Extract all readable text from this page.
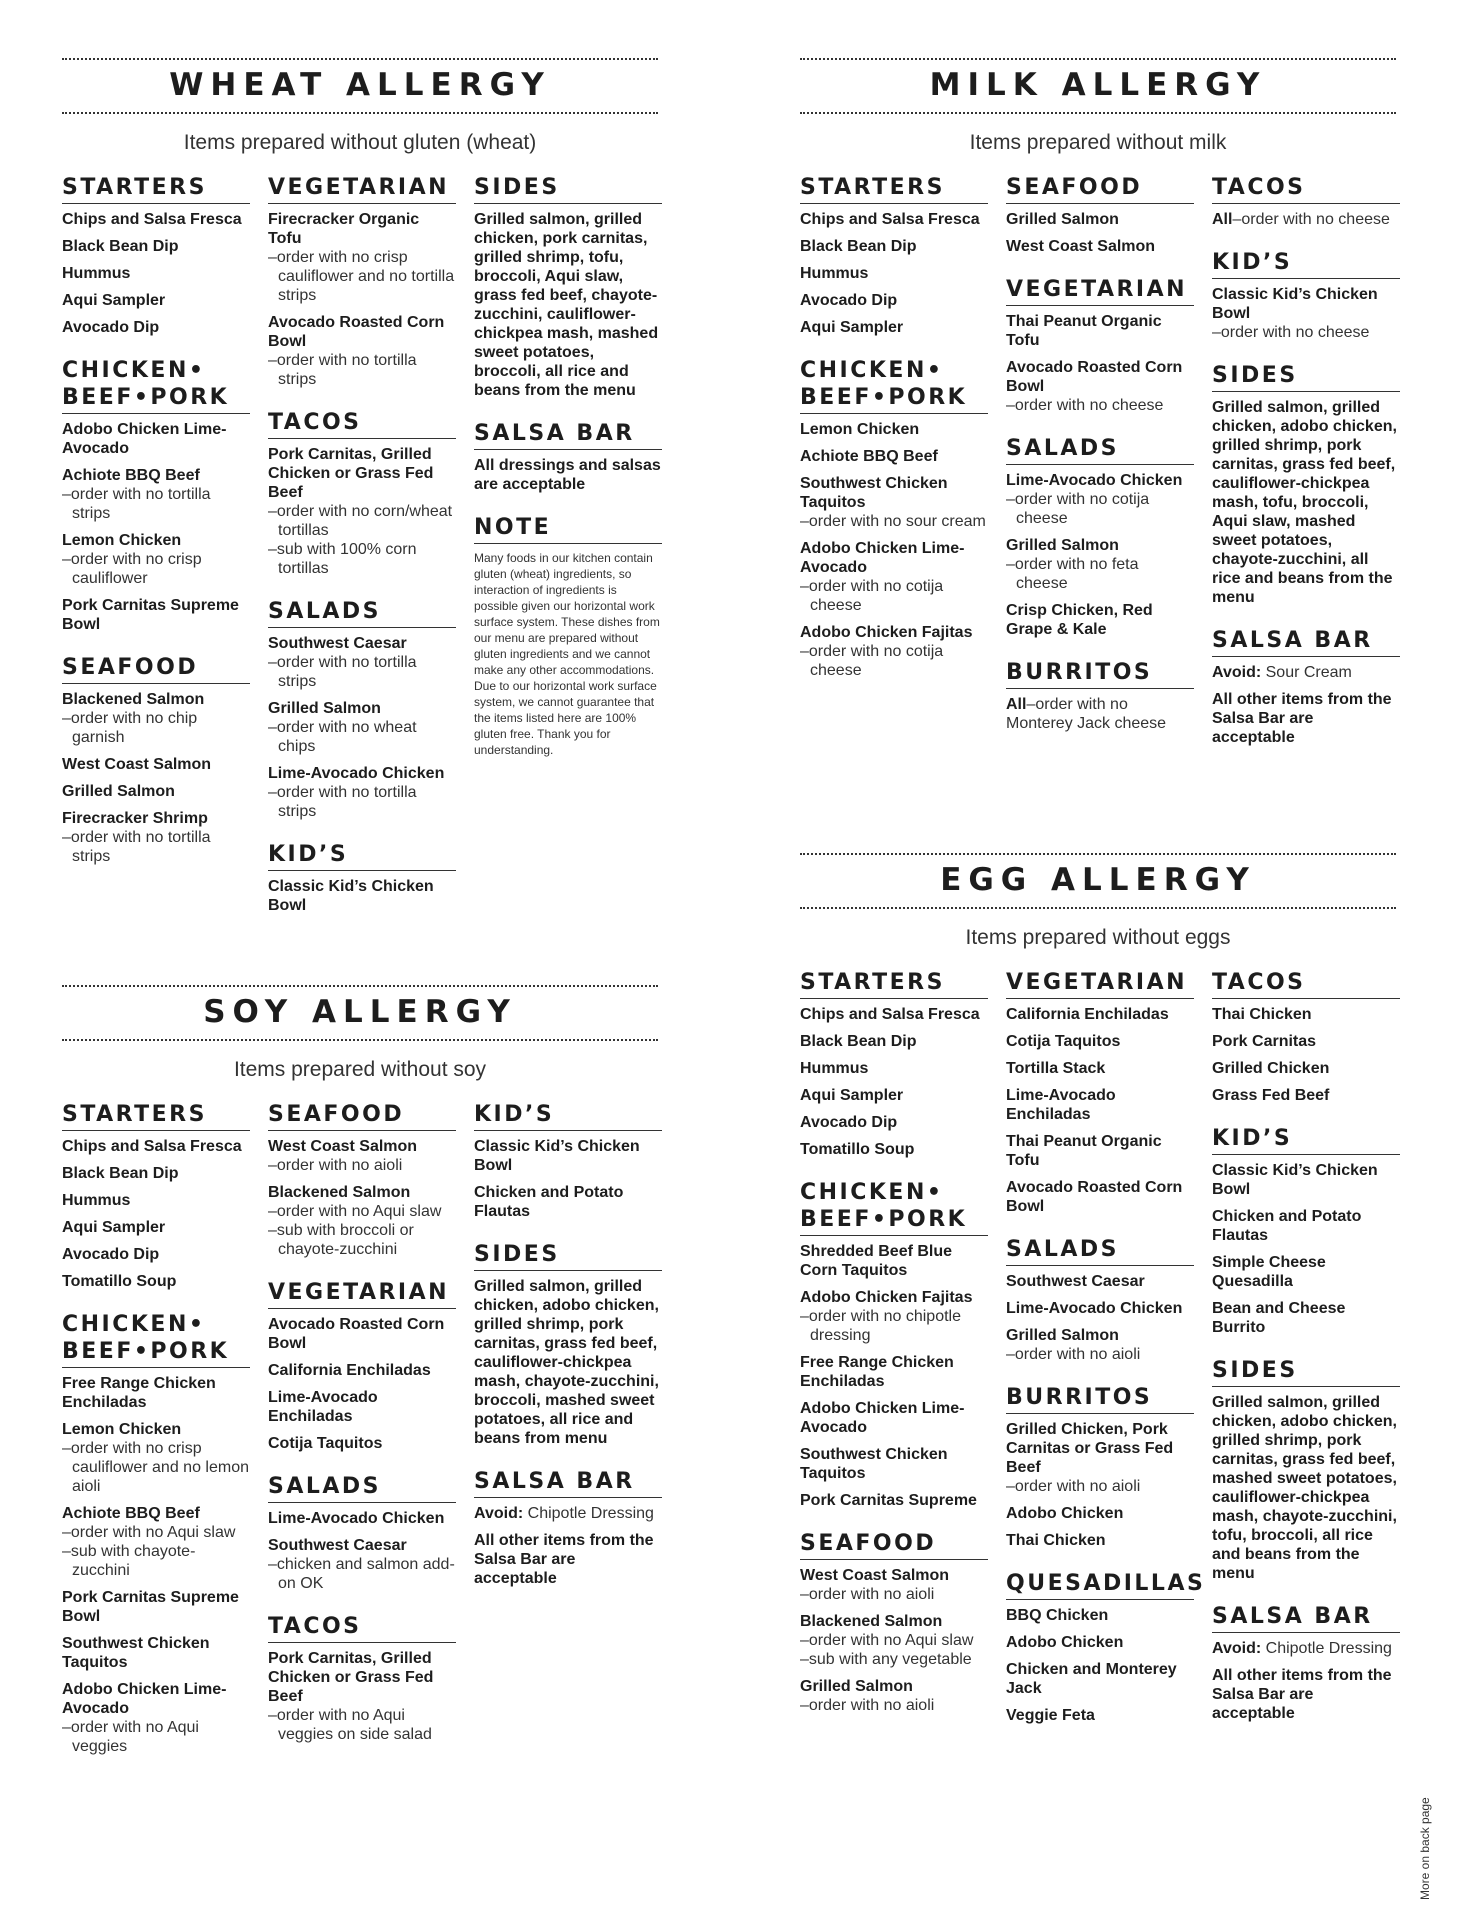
WHEAT ALLERGY
Items prepared without gluten (wheat)
STARTERS
Chips and Salsa Fresca
Black Bean Dip
Hummus
Aqui Sampler
Avocado Dip
CHICKEN• BEEF•PORK
Adobo Chicken Lime-Avocado
Achiote BBQ Beef
–order with no tortilla strips
Lemon Chicken
–order with no crisp cauliflower
Pork Carnitas Supreme Bowl
SEAFOOD
Blackened Salmon
–order with no chip garnish
West Coast Salmon
Grilled Salmon
Firecracker Shrimp
–order with no tortilla strips
VEGETARIAN
Firecracker Organic Tofu
–order with no crisp cauliflower and no tortilla strips
Avocado Roasted Corn Bowl
–order with no tortilla strips
TACOS
Pork Carnitas, Grilled Chicken or Grass Fed Beef
–order with no corn/wheat tortillas
–sub with 100% corn tortillas
SALADS
Southwest Caesar
–order with no tortilla strips
Grilled Salmon
–order with no wheat chips
Lime-Avocado Chicken
–order with no tortilla strips
KID’S
Classic Kid’s Chicken Bowl
SIDES
Grilled salmon, grilled chicken, pork carnitas, grilled shrimp, tofu, broccoli, Aqui slaw, grass fed beef, chayote-zucchini, cauliflower-chickpea mash, mashed sweet potatoes, broccoli, all rice and beans from the menu
SALSA BAR
All dressings and salsas are acceptable
NOTE
Many foods in our kitchen contain gluten (wheat) ingredients, so interaction of ingredients is possible given our horizontal work surface system. These dishes from our menu are prepared without gluten ingredients and we cannot make any other accommodations. Due to our horizontal work surface system, we cannot guarantee that the items listed here are 100% gluten free. Thank you for understanding.
MILK ALLERGY
Items prepared without milk
STARTERS
Chips and Salsa Fresca
Black Bean Dip
Hummus
Avocado Dip
Aqui Sampler
CHICKEN• BEEF•PORK
Lemon Chicken
Achiote BBQ Beef
Southwest Chicken Taquitos
–order with no sour cream
Adobo Chicken Lime-Avocado
–order with no cotija cheese
Adobo Chicken Fajitas
–order with no cotija cheese
SEAFOOD
Grilled Salmon
West Coast Salmon
VEGETARIAN
Thai Peanut Organic Tofu
Avocado Roasted Corn Bowl
–order with no cheese
SALADS
Lime-Avocado Chicken
–order with no cotija cheese
Grilled Salmon
–order with no feta cheese
Crisp Chicken, Red Grape & Kale
BURRITOS
All–order with no Monterey Jack cheese
TACOS
All–order with no cheese
KID’S
Classic Kid’s Chicken Bowl
–order with no cheese
SIDES
Grilled salmon, grilled chicken, adobo chicken, grilled shrimp, pork carnitas, grass fed beef, cauliflower-chickpea mash, tofu, broccoli, Aqui slaw, mashed sweet potatoes, chayote-zucchini, all rice and beans from the menu
SALSA BAR
Avoid: Sour Cream
All other items from the Salsa Bar are acceptable
SOY ALLERGY
Items prepared without soy
STARTERS
Chips and Salsa Fresca
Black Bean Dip
Hummus
Aqui Sampler
Avocado Dip
Tomatillo Soup
CHICKEN• BEEF•PORK
Free Range Chicken Enchiladas
Lemon Chicken
–order with no crisp cauliflower and no lemon aioli
Achiote BBQ Beef
–order with no Aqui slaw
–sub with chayote-zucchini
Pork Carnitas Supreme Bowl
Southwest Chicken Taquitos
Adobo Chicken Lime-Avocado
–order with no Aqui veggies
SEAFOOD
West Coast Salmon
–order with no aioli
Blackened Salmon
–order with no Aqui slaw
–sub with broccoli or chayote-zucchini
VEGETARIAN
Avocado Roasted Corn Bowl
California Enchiladas
Lime-Avocado Enchiladas
Cotija Taquitos
SALADS
Lime-Avocado Chicken
Southwest Caesar
–chicken and salmon add-on OK
TACOS
Pork Carnitas, Grilled Chicken or Grass Fed Beef
–order with no Aqui veggies on side salad
KID’S
Classic Kid’s Chicken Bowl
Chicken and Potato Flautas
SIDES
Grilled salmon, grilled chicken, adobo chicken, grilled shrimp, pork carnitas, grass fed beef, cauliflower-chickpea mash, chayote-zucchini, broccoli, mashed sweet potatoes, all rice and beans from menu
SALSA BAR
Avoid: Chipotle Dressing
All other items from the Salsa Bar are acceptable
EGG ALLERGY
Items prepared without eggs
STARTERS
Chips and Salsa Fresca
Black Bean Dip
Hummus
Aqui Sampler
Avocado Dip
Tomatillo Soup
CHICKEN• BEEF•PORK
Shredded Beef Blue Corn Taquitos
Adobo Chicken Fajitas
–order with no chipotle dressing
Free Range Chicken Enchiladas
Adobo Chicken Lime-Avocado
Southwest Chicken Taquitos
Pork Carnitas Supreme
SEAFOOD
West Coast Salmon
–order with no aioli
Blackened Salmon
–order with no Aqui slaw
–sub with any vegetable
Grilled Salmon
–order with no aioli
VEGETARIAN
California Enchiladas
Cotija Taquitos
Tortilla Stack
Lime-Avocado Enchiladas
Thai Peanut Organic Tofu
Avocado Roasted Corn Bowl
SALADS
Southwest Caesar
Lime-Avocado Chicken
Grilled Salmon
–order with no aioli
BURRITOS
Grilled Chicken, Pork Carnitas or Grass Fed Beef
–order with no aioli
Adobo Chicken
Thai Chicken
QUESADILLAS
BBQ Chicken
Adobo Chicken
Chicken and Monterey Jack
Veggie Feta
TACOS
Thai Chicken
Pork Carnitas
Grilled Chicken
Grass Fed Beef
KID’S
Classic Kid’s Chicken Bowl
Chicken and Potato Flautas
Simple Cheese Quesadilla
Bean and Cheese Burrito
SIDES
Grilled salmon, grilled chicken, adobo chicken, grilled shrimp, pork carnitas, grass fed beef, mashed sweet potatoes, cauliflower-chickpea mash, chayote-zucchini, tofu, broccoli, all rice and beans from the menu
SALSA BAR
Avoid: Chipotle Dressing
All other items from the Salsa Bar are acceptable
More on back page
